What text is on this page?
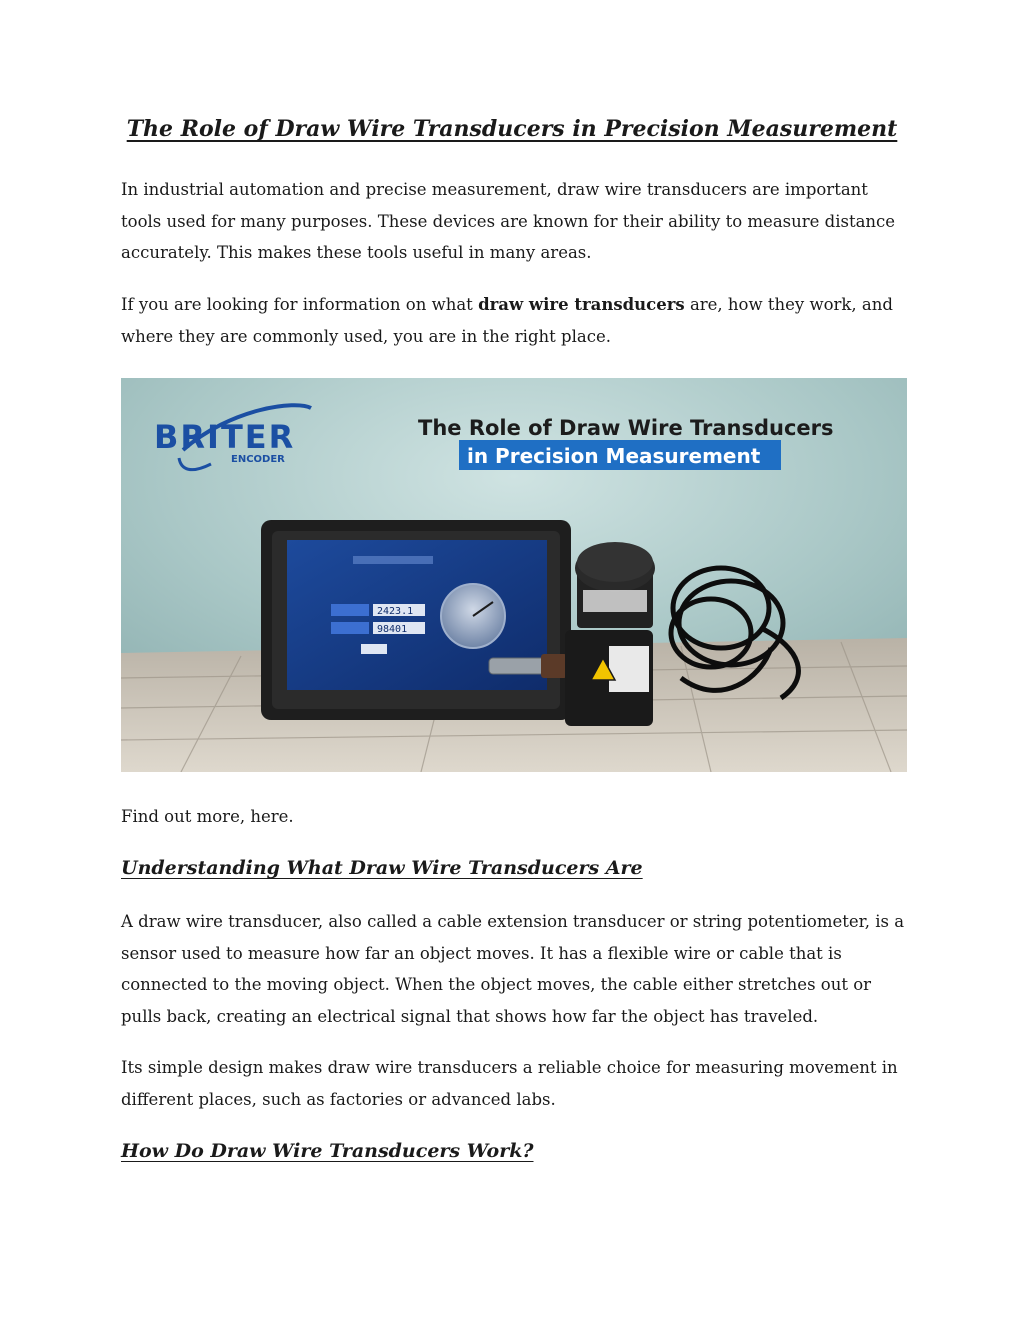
The Role of Draw Wire Transducers in Precision Measurement

In industrial automation and precise measurement, draw wire transducers are important tools used for many purposes. These devices are known for their ability to measure distance accurately. This makes these tools useful in many areas.

If you are looking for information on what draw wire transducers are, how they work, and where they are commonly used, you are in the right place.

BRITER
ENCODER
The Role of Draw Wire Transducers
in Precision Measurement
2423.1
98401

Find out more, here.

Understanding What Draw Wire Transducers Are

A draw wire transducer, also called a cable extension transducer or string potentiometer, is a sensor used to measure how far an object moves. It has a flexible wire or cable that is connected to the moving object. When the object moves, the cable either stretches out or pulls back, creating an electrical signal that shows how far the object has traveled.

Its simple design makes draw wire transducers a reliable choice for measuring movement in different places, such as factories or advanced labs.

How Do Draw Wire Transducers Work?
